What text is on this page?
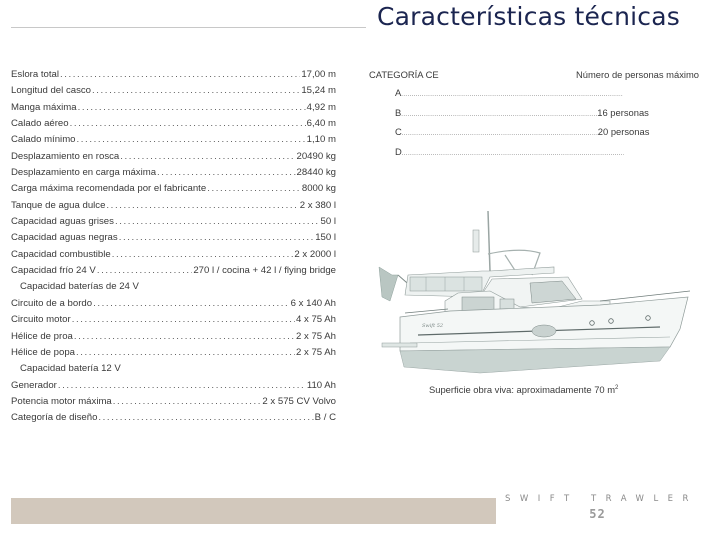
Características técnicas
Eslora total .....	17,00 m
Longitud del casco .....	15,24 m
Manga máxima .....	4,92 m
Calado aéreo .....	6,40 m
Calado mínimo .....	1,10 m
Desplazamiento en rosca .....	20490 kg
Desplazamiento en carga máxima .....	28440 kg
Carga máxima recomendada por el fabricante .....	8000 kg
Tanque de agua dulce .....	2 x 380 l
Capacidad aguas grises .....	50 l
Capacidad aguas negras .....	150 l
Capacidad combustible .....	2 x 2000 l
Capacidad frío 24 V .....	270 l / cocina + 42 l / flying bridge
Capacidad baterías de 24 V
Circuito de a bordo .....	6 x 140 Ah
Circuito motor .....	4 x 75 Ah
Hélice de proa .....	2 x 75 Ah
Hélice de popa .....	2 x 75 Ah
Capacidad batería 12 V
Generador .....	110 Ah
Potencia motor máxima .....	2 x 575 CV Volvo
Categoría de diseño .....	B / C
CATEGORÍA CE	Número de personas máximo
A
.....
B .....	16 personas
C .....	20 personas
D
.....
Swift 52
Superficie obra viva: aproximadamente 70 $m^2$
SWIFT TRAWLER
52
